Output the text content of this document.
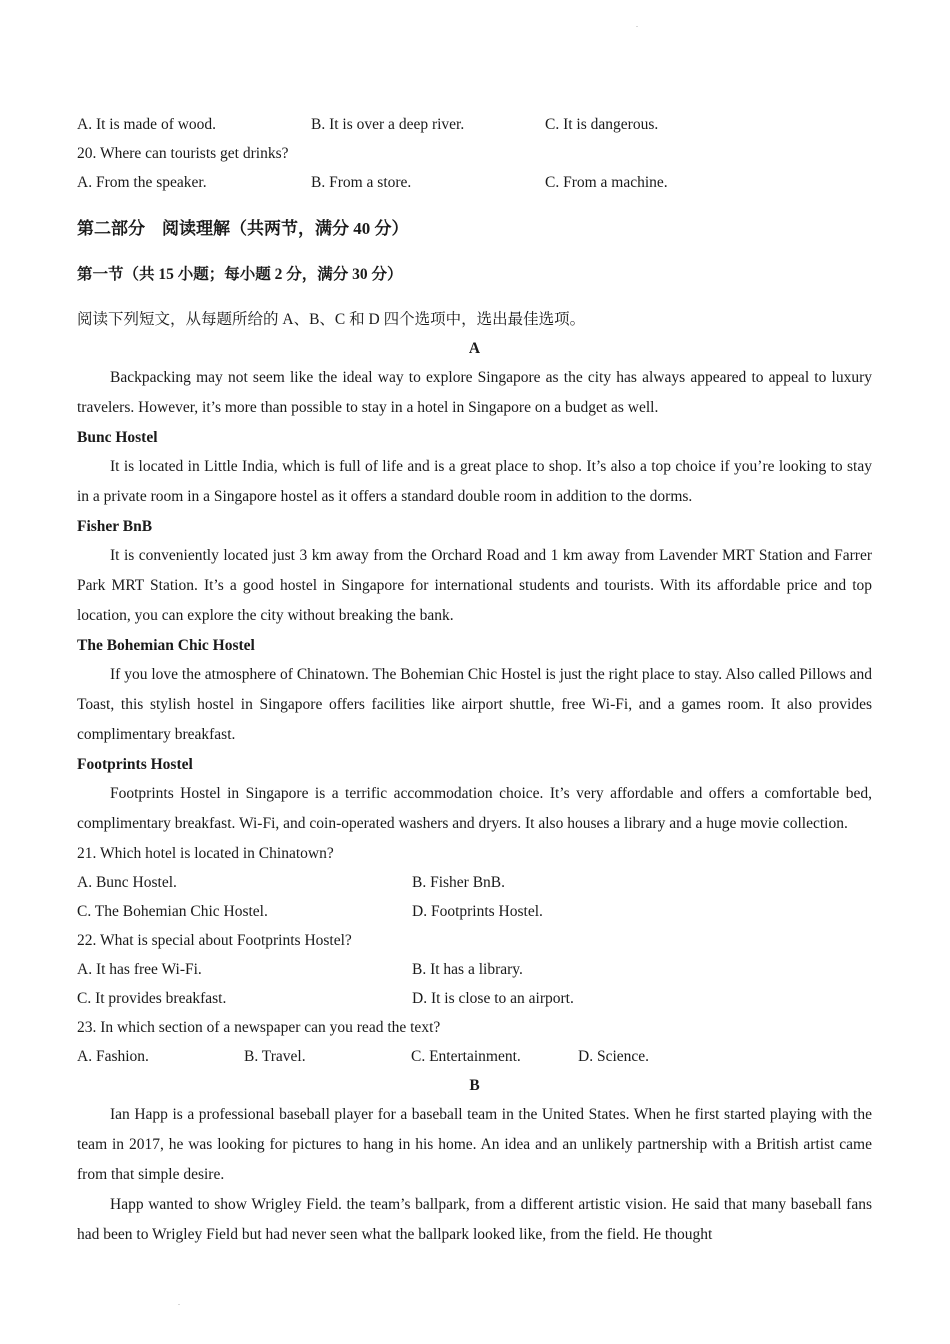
.
.
A. It is made of wood.	B. It is over a deep river.	C. It is dangerous.

20. Where can tourists get drinks?

A. From the speaker.	B. From a store.	C. From a machine.

第二部分　阅读理解（共两节，满分 40 分）

第一节（共 15 小题；每小题 2 分，满分 30 分）

阅读下列短文，从每题所给的 A、B、C 和 D 四个选项中，选出最佳选项。

A

Backpacking may not seem like the ideal way to explore Singapore as the city has always appeared to appeal to luxury travelers. However, it’s more than possible to stay in a hotel in Singapore on a budget as well.

Bunc Hostel

It is located in Little India, which is full of life and is a great place to shop. It’s also a top choice if you’re looking to stay in a private room in a Singapore hostel as it offers a standard double room in addition to the dorms.

Fisher BnB

It is conveniently located just 3 km away from the Orchard Road and 1 km away from Lavender MRT Station and Farrer Park MRT Station. It’s a good hostel in Singapore for international students and tourists. With its affordable price and top location, you can explore the city without breaking the bank.

The Bohemian Chic Hostel

If you love the atmosphere of Chinatown. The Bohemian Chic Hostel is just the right place to stay. Also called Pillows and Toast, this stylish hostel in Singapore offers facilities like airport shuttle, free Wi-Fi, and a games room. It also provides complimentary breakfast.

Footprints Hostel

Footprints Hostel in Singapore is a terrific accommodation choice. It’s very affordable and offers a comfortable bed, complimentary breakfast. Wi-Fi, and coin-operated washers and dryers. It also houses a library and a huge movie collection.

21. Which hotel is located in Chinatown?

A. Bunc Hostel.	B. Fisher BnB.
C. The Bohemian Chic Hostel.	D. Footprints Hostel.

22. What is special about Footprints Hostel?

A. It has free Wi-Fi.	B. It has a library.
C. It provides breakfast.	D. It is close to an airport.

23. In which section of a newspaper can you read the text?

A. Fashion.	B. Travel.	C. Entertainment.	D. Science.

B

Ian Happ is a professional baseball player for a baseball team in the United States. When he first started playing with the team in 2017, he was looking for pictures to hang in his home. An idea and an unlikely partnership with a British artist came from that simple desire.

Happ wanted to show Wrigley Field. the team’s ballpark, from a different artistic vision. He said that many baseball fans had been to Wrigley Field but had never seen what the ballpark looked like, from the field. He thought
